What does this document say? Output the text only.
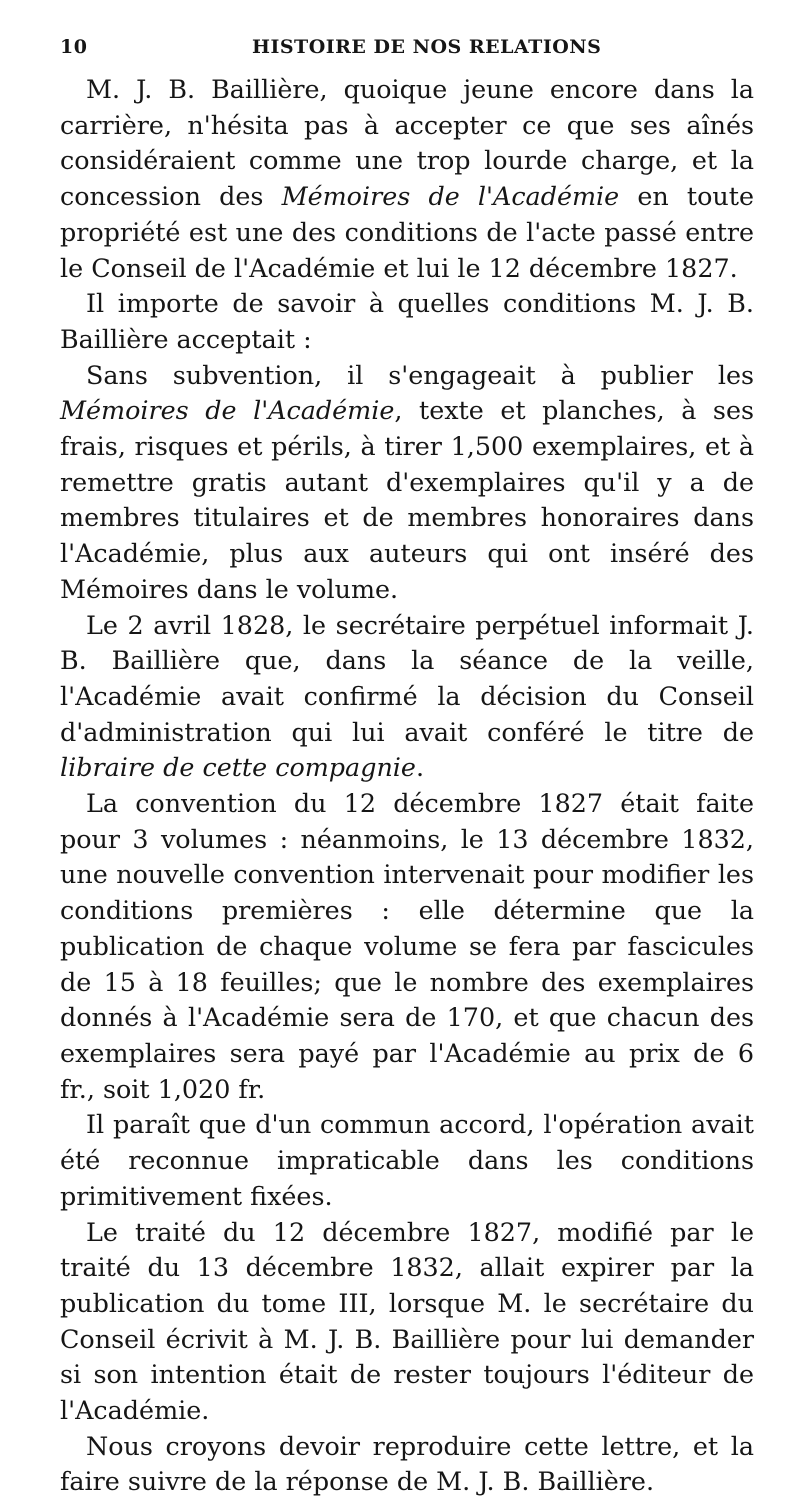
10	HISTOIRE DE NOS RELATIONS

M. J. B. Baillière, quoique jeune encore dans la carrière, n'hésita pas à accepter ce que ses aînés considéraient comme une trop lourde charge, et la concession des Mémoires de l'Académie en toute propriété est une des conditions de l'acte passé entre le Conseil de l'Académie et lui le 12 décembre 1827.

Il importe de savoir à quelles conditions M. J. B. Baillière acceptait :

Sans subvention, il s'engageait à publier les Mémoires de l'Académie, texte et planches, à ses frais, risques et périls, à tirer 1,500 exemplaires, et à remettre gratis autant d'exemplaires qu'il y a de membres titulaires et de membres honoraires dans l'Académie, plus aux auteurs qui ont inséré des Mémoires dans le volume.

Le 2 avril 1828, le secrétaire perpétuel informait J. B. Baillière que, dans la séance de la veille, l'Académie avait confirmé la décision du Conseil d'administration qui lui avait conféré le titre de libraire de cette compagnie.

La convention du 12 décembre 1827 était faite pour 3 volumes : néanmoins, le 13 décembre 1832, une nouvelle convention intervenait pour modifier les conditions premières : elle détermine que la publication de chaque volume se fera par fascicules de 15 à 18 feuilles; que le nombre des exemplaires donnés à l'Académie sera de 170, et que chacun des exemplaires sera payé par l'Académie au prix de 6 fr., soit 1,020 fr.

Il paraît que d'un commun accord, l'opération avait été reconnue impraticable dans les conditions primitivement fixées.

Le traité du 12 décembre 1827, modifié par le traité du 13 décembre 1832, allait expirer par la publication du tome III, lorsque M. le secrétaire du Conseil écrivit à M. J. B. Baillière pour lui demander si son intention était de rester toujours l'éditeur de l'Académie.

Nous croyons devoir reproduire cette lettre, et la faire suivre de la réponse de M. J. B. Baillière.
